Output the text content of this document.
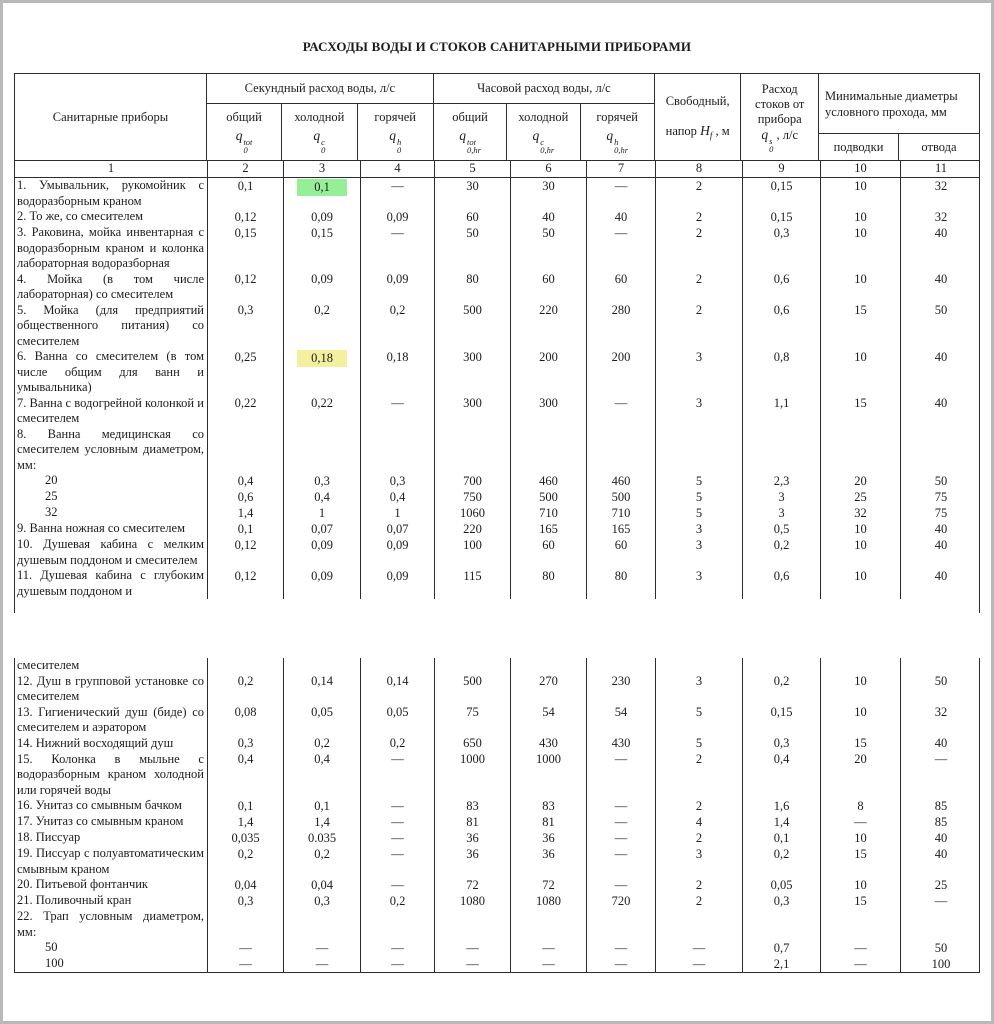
РАСХОДЫ ВОДЫ И СТОКОВ САНИТАРНЫМИ ПРИБОРАМИ
Санитарные приборы
Секундный расход воды, л/с
общий
q tot
0
холодной
q c
0
горячей
q h
0
Часовой расход воды, л/с
общий
q tot
0,hr
холодной
q c
0,hr
горячей
q h
0,hr
Свободный,
напор $H_f$ , м
Расход стоков от прибора
q s
0
, л/с
Минимальные диаметры условного прохода, мм
подводки	отвода
1	2	3	4	5	6	7	8	9	10	11
1. Умывальник, рукомойник с водоразборным краном
0,1	0,1	—	30	30	—	2	0,15	10	32
2. То же, со смесителем	0,12	0,09	0,09	60	40	40	2	0,15	10	32
3. Раковина, мойка инвентарная с водоразборным краном и колонка лабораторная водоразборная
0,15	0,15	—	50	50	—	2	0,3	10	40
4. Мойка (в том числе лабораторная) со смесителем
0,12	0,09	0,09	80	60	60	2	0,6	10	40
5. Мойка (для предприятий общественного питания) со смесителем
0,3	0,2	0,2	500	220	280	2	0,6	15	50
6. Ванна со смесителем (в том числе общим для ванн и умывальника)
0,25	0,18	0,18	300	200	200	3	0,8	10	40
7. Ванна с водогрейной колонкой и смесителем
0,22	0,22	—	300	300	—	3	1,1	15	40
8. Ванна медицинская со смесителем условным диаметром, мм:
20	0,4	0,3	0,3	700	460	460	5	2,3	20	50
25	0,6	0,4	0,4	750	500	500	5	3	25	75
32	1,4	1	1	1060	710	710	5	3	32	75
9. Ванна ножная со смесителем	0,1	0,07	0,07	220	165	165	3	0,5	10	40
10. Душевая кабина с мелким душевым поддоном и смесителем
0,12	0,09	0,09	100	60	60	3	0,2	10	40
11. Душевая кабина с глубоким душевым поддоном и
0,12	0,09	0,09	115	80	80	3	0,6	10	40
смесителем
12. Душ в групповой установке со смесителем
0,2	0,14	0,14	500	270	230	3	0,2	10	50
13. Гигиенический душ (биде) со смесителем и аэратором
0,08	0,05	0,05	75	54	54	5	0,15	10	32
14. Нижний восходящий душ	0,3	0,2	0,2	650	430	430	5	0,3	15	40
15. Колонка в мыльне с водоразборным краном холодной или горячей воды
0,4	0,4	—	1000	1000	—	2	0,4	20	—
16. Унитаз со смывным бачком	0,1	0,1	—	83	83	—	2	1,6	8	85
17. Унитаз со смывным краном	1,4	1,4	—	81	81	—	4	1,4	—	85
18. Писсуар	0,035	0.035	—	36	36	—	2	0,1	10	40
19. Писсуар с полуавтоматическим смывным краном
0,2	0,2	—	36	36	—	3	0,2	15	40
20. Питьевой фонтанчик	0,04	0,04	—	72	72	—	2	0,05	10	25
21. Поливочный кран	0,3	0,3	0,2	1080	1080	720	2	0,3	15	—
22. Трап условным диаметром, мм:
50	—	—	—	—	—	—	—	0,7	—	50
100	—	—	—	—	—	—	—	2,1	—	100
